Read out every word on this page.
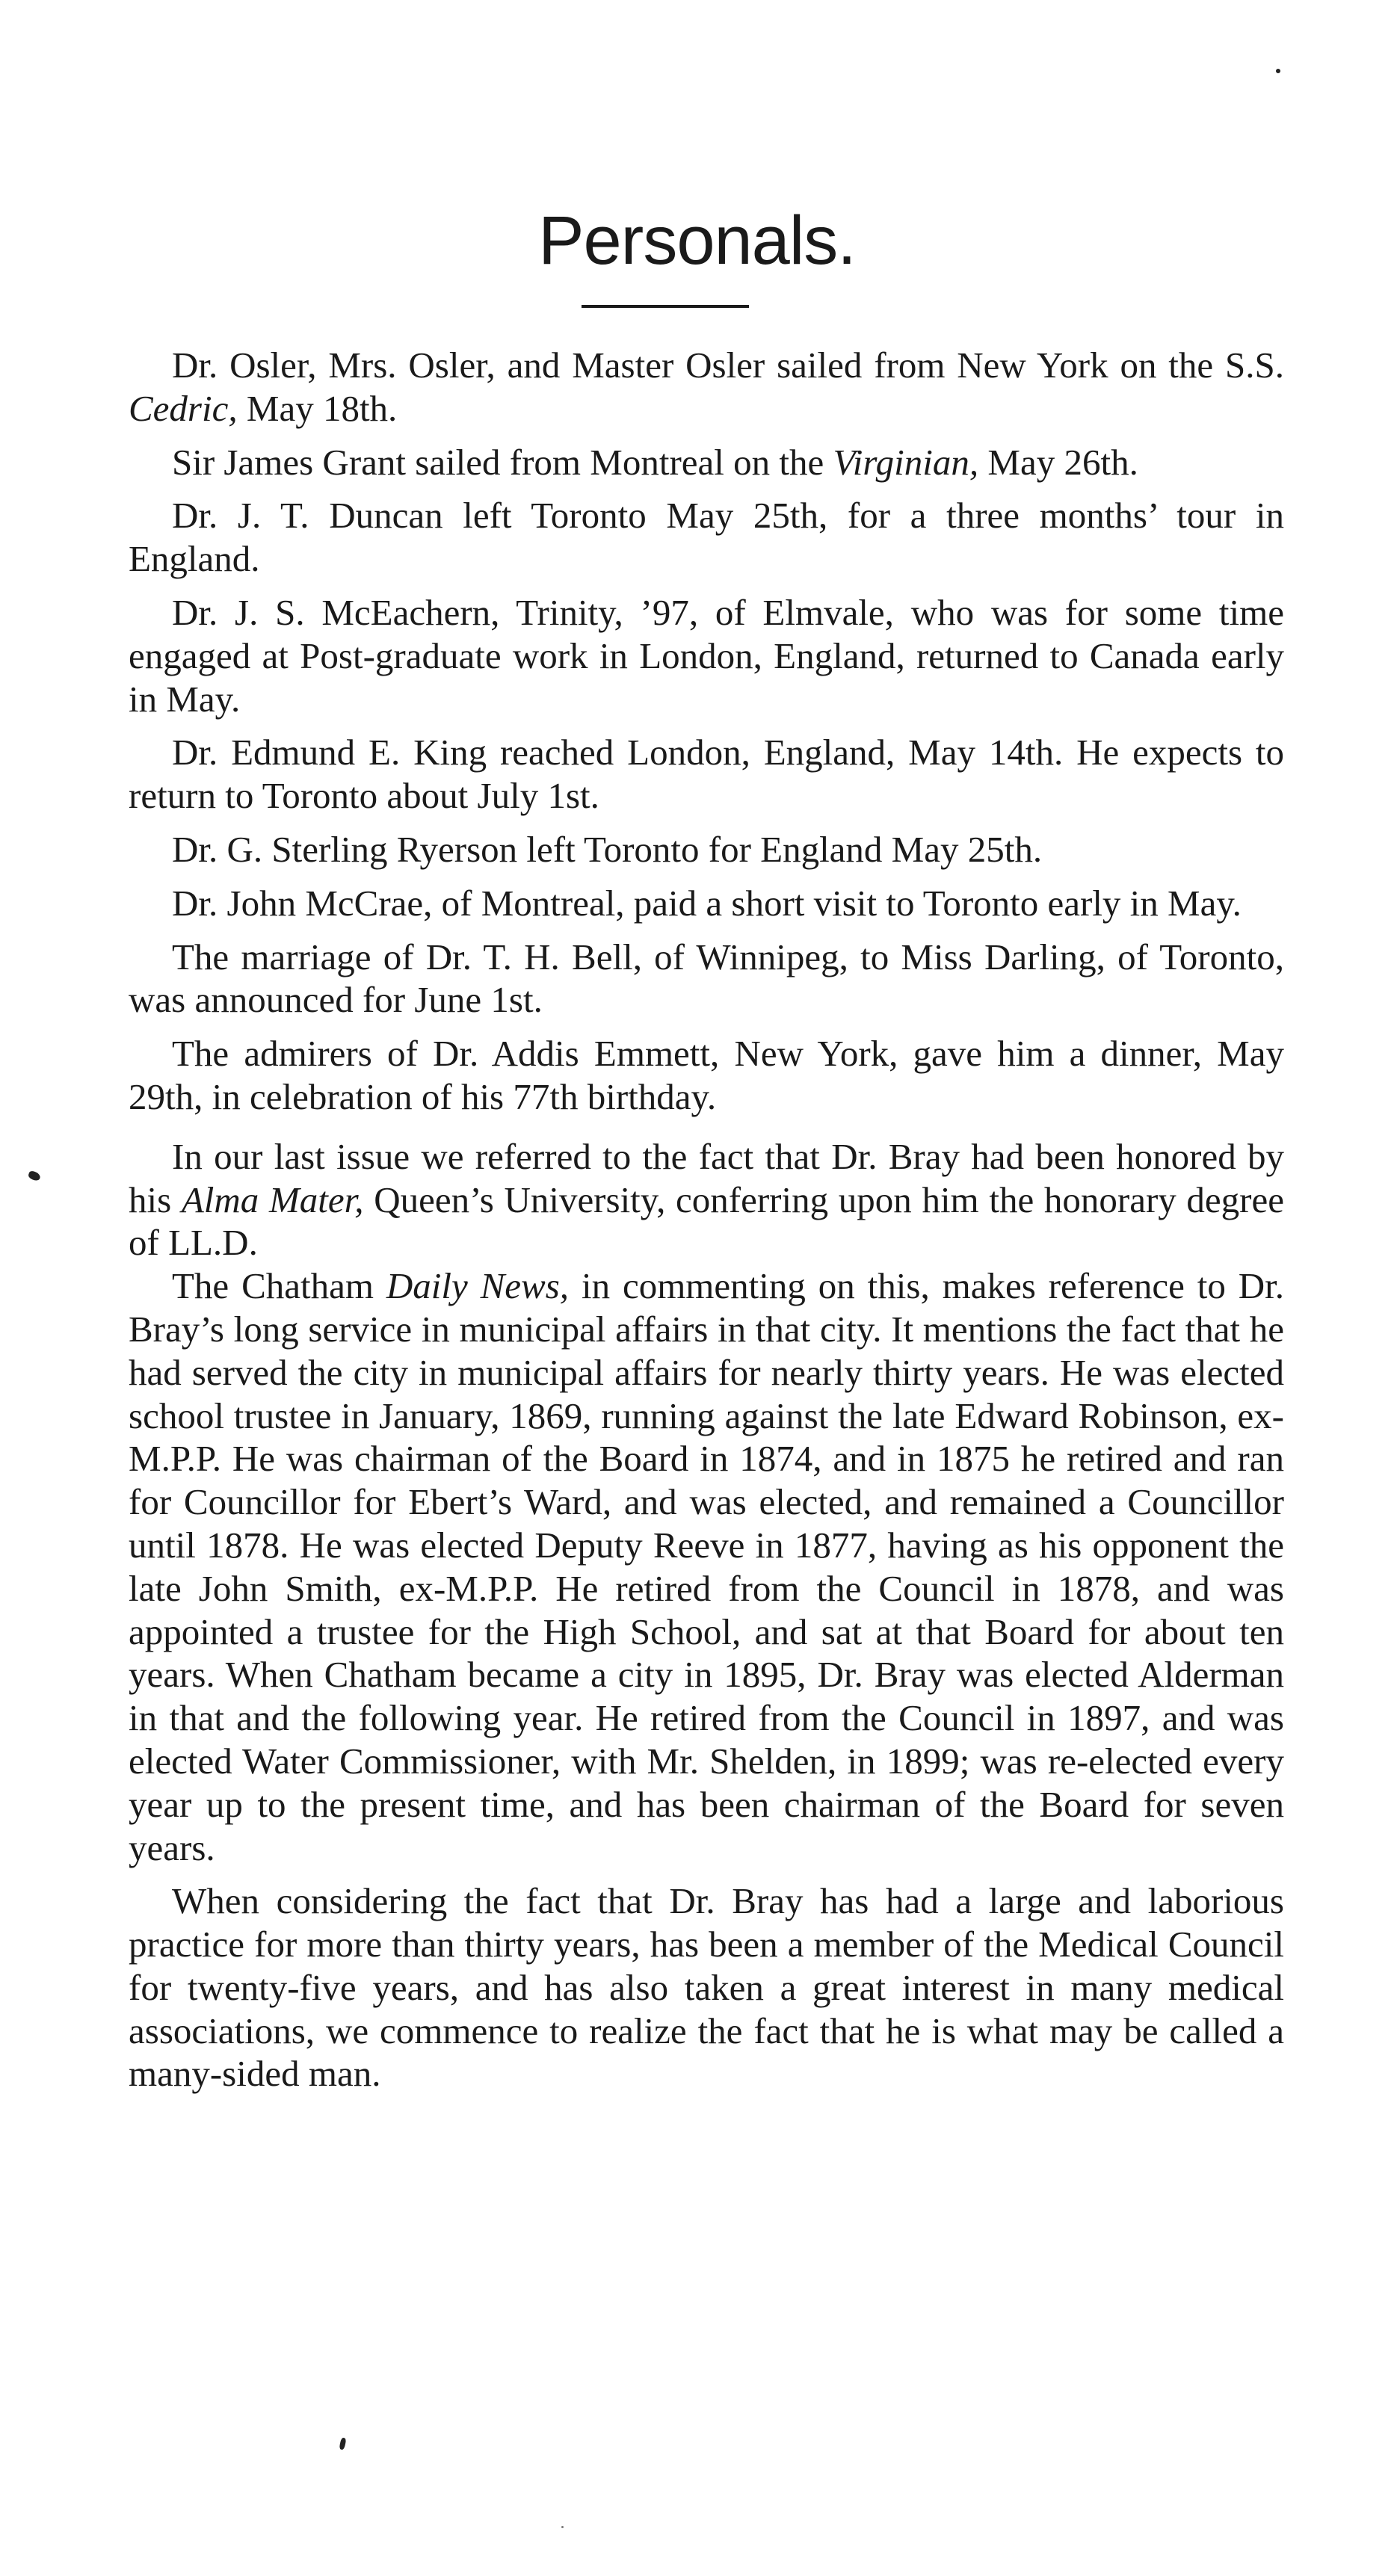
Personals.

Dr. Osler, Mrs. Osler, and Master Osler sailed from New York on the S.S. Cedric, May 18th.

Sir James Grant sailed from Montreal on the Virginian, May 26th.

Dr. J. T. Duncan left Toronto May 25th, for a three months’ tour in England.

Dr. J. S. McEachern, Trinity, ’97, of Elmvale, who was for some time engaged at Post-graduate work in London, England, returned to Canada early in May.

Dr. Edmund E. King reached London, England, May 14th. He expects to return to Toronto about July 1st.

Dr. G. Sterling Ryerson left Toronto for England May 25th.

Dr. John McCrae, of Montreal, paid a short visit to Toronto early in May.

The marriage of Dr. T. H. Bell, of Winnipeg, to Miss Darling, of Toronto, was announced for June 1st.

The admirers of Dr. Addis Emmett, New York, gave him a dinner, May 29th, in celebration of his 77th birthday.

In our last issue we referred to the fact that Dr. Bray had been honored by his Alma Mater, Queen’s University, conferring upon him the honorary degree of LL.D.

The Chatham Daily News, in commenting on this, makes reference to Dr. Bray’s long service in municipal affairs in that city. It mentions the fact that he had served the city in municipal affairs for nearly thirty years. He was elected school trustee in January, 1869, running against the late Edward Robinson, ex-M.P.P. He was chairman of the Board in 1874, and in 1875 he retired and ran for Councillor for Ebert’s Ward, and was elected, and remained a Councillor until 1878. He was elected Deputy Reeve in 1877, having as his opponent the late John Smith, ex-M.P.P. He retired from the Council in 1878, and was appointed a trustee for the High School, and sat at that Board for about ten years. When Chatham became a city in 1895, Dr. Bray was elected Alderman in that and the following year. He retired from the Council in 1897, and was elected Water Commissioner, with Mr. Shelden, in 1899; was re-elected every year up to the present time, and has been chairman of the Board for seven years.

When considering the fact that Dr. Bray has had a large and laborious practice for more than thirty years, has been a member of the Medical Council for twenty-five years, and has also taken a great interest in many medical associations, we commence to realize the fact that he is what may be called a many-sided man.
